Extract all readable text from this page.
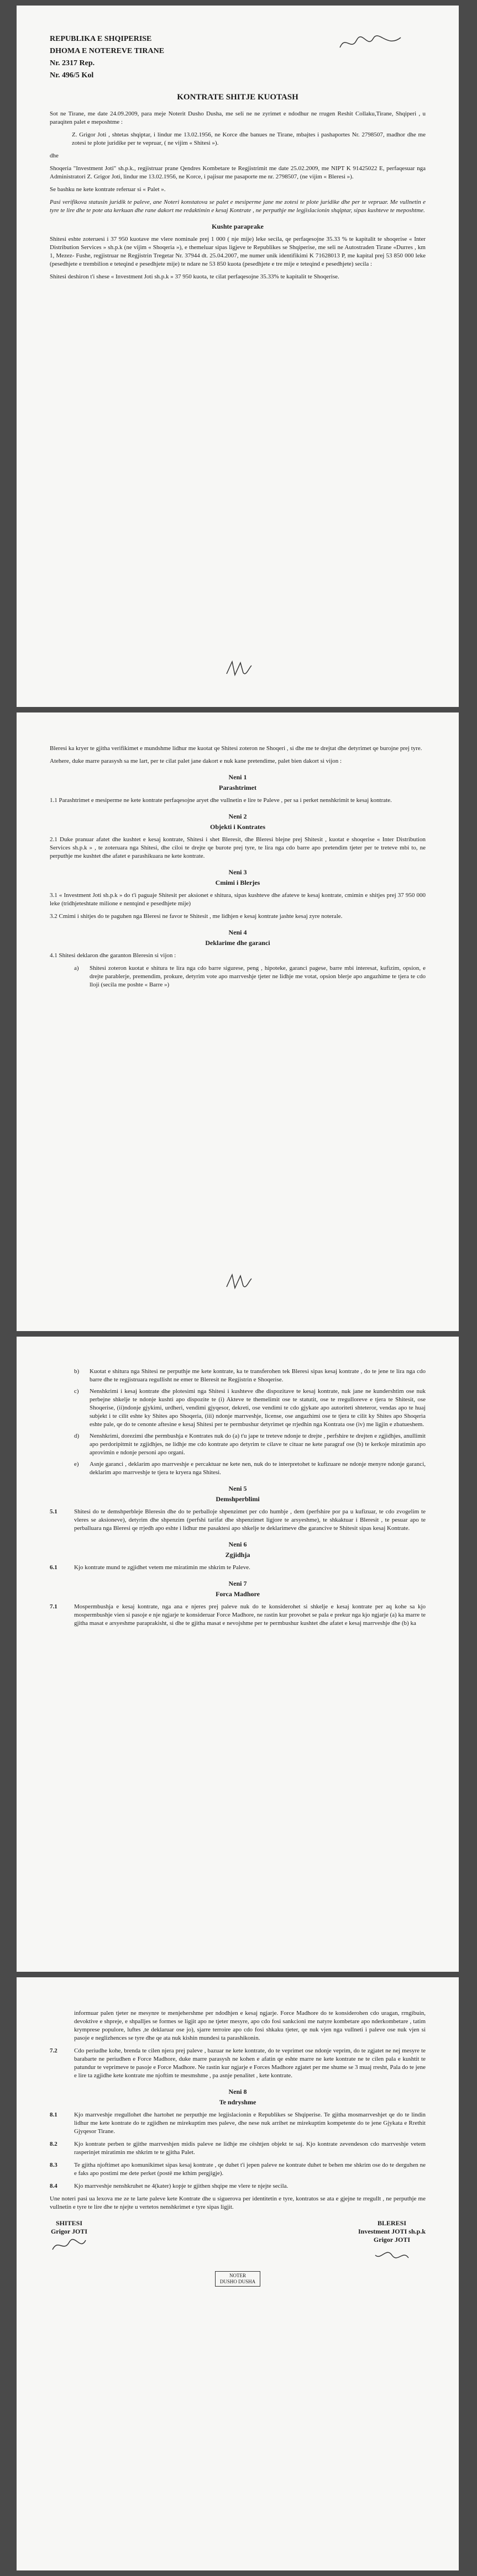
REPUBLIKA E SHQIPERISE
DHOMA E NOTEREVE TIRANE
Nr. 2317 Rep.
Nr. 496/5 Kol
KONTRATE SHITJE KUOTASH

Sot ne Tirane, me date 24.09.2009, para meje Noterit Dusho Dusha, me seli ne ne zyrimet e ndodhur ne rrugen Reshit Collaku,Tirane, Shqiperi , u paraqiten palet e meposhtme :

Z. Grigor Joti , shtetas shqiptar, i lindur me 13.02.1956, ne Korce dhe banues ne Tirane, mbajtes i pashaportes Nr. 2798507, madhor dhe me zotesi te plote juridike per te vepruar, ( ne vijim « Shitesi »).

dhe

Shoqeria "Investment Joti" sh.p.k., regjistruar prane Qendres Kombetare te Regjistrimit me date 25.02.2009, me NIPT K 91425022 E, perfaqesuar nga Administratori Z. Grigor Joti, lindur me 13.02.1956, ne Korce, i pajisur me pasaporte me nr. 2798507, (ne vijim « Bleresi »).

Se bashku ne kete kontrate referuar si « Palet ».

Pasi verifikova statusin juridik te paleve, ane Noteri konstatova se palet e mesiperme jane me zotesi te plote juridike dhe per te vepruar. Me vullnetin e tyre te lire dhe te pote ata kerkuan dhe rane dakort me redaktimin e kesaj Kontrate , ne perputhje me legjislacionin shqiptar, sipas kushteve te meposhtme.

Kushte paraprake

Shitesi eshte zoteruesi i 37 950 kuotave me vlere nominale prej 1 000 ( nje mije) leke secila, qe perfaqesojne 35.33 % te kapitalit te shoqerise « Inter Distribution Services » sh.p.k (ne vijim « Shoqeria »), e themeluar sipas ligjeve te Republikes se Shqiperise, me seli ne Autostraden Tirane «Durres , km 1, Mezez- Fushe, regjistruar ne Regjistrin Tregetar Nr. 37944 dt. 25.04.2007, me numer unik identifikimi K 71628013 P, me kapital prej 53 850 000 leke (pesedhjete e trembilion e teteqind e pesedhjete mije) te ndare ne 53 850 kuota (pesedhjete e tre mije e teteqind e pesedhjete) secila :

Shitesi deshiron t'i shese « Investment Joti sh.p.k » 37 950 kuota, te cilat perfaqesojne 35.33% te kapitalit te Shoqerise.

Bleresi ka kryer te gjitha verifikimet e mundshme lidhur me kuotat qe Shitesi zoteron ne Shoqeri , si dhe me te drejtat dhe detyrimet qe burojne prej tyre.

Atehere, duke marre parasysh sa me lart, per te cilat palet jane dakort e nuk kane pretendime, palet bien dakort si vijon :

Neni 1
Parashtrimet

1.1 Parashtrimet e mesiperme ne kete kontrate perfaqesojne aryet dhe vullnetin e lire te Paleve , per sa i perket nenshkrimit te kesaj kontrate.

Neni 2
Objekti i Kontrates

2.1 Duke pranuar afatet dhe kushtet e kesaj kontrate, Shitesi i shet Bleresit, dhe Bleresi blejne prej Shitesit , kuotat e shoqerise « Inter Distribution Services sh.p.k » , te zoteruara nga Shitesi, dhe ciloi te drejte qe burote prej tyre, te lira nga cdo barre apo pretendim tjeter per te treteve mbi to, ne perputhje me kushtet dhe afatet e parashikuara ne kete kontrate.

Neni 3
Cmimi i Blerjes

3.1 « Investment Joti sh.p.k » do t'i paguaje Shitesit per aksionet e shitura, sipas kushteve dhe afateve te kesaj kontrate, cmimin e shitjes prej 37 950 000 leke (tridhjeteshtate milione e nentqind e pesedhjete mije)

3.2 Cmimi i shitjes do te paguhen nga Bleresi ne favor te Shitesit , me lidhjen e kesaj kontrate jashte kesaj zyre noterale.

Neni 4
Deklarime dhe garanci

4.1 Shitesi deklaron dhe garanton Bleresin si vijon :

a)	Shitesi zoteron kuotat e shitura te lira nga cdo barre sigurese, peng , hipoteke, garanci pagese, barre mbi interesat, kufizim, opsion, e drejte parablerje, premendim, prokure, detyrim vote apo marrveshje tjeter ne lidhje me votat, opsion blerje apo angazhime te tjera te cdo lloji (secila me poshte « Barre »)
b)	Kuotat e shitura nga Shitesi ne perputhje me kete kontrate, ka te transferohen tek Bleresi sipas kesaj kontrate , do te jene te lira nga cdo barre dhe te regjistruara regullisht ne emer te Bleresit ne Regjistrin e Shoqerise.
c)	Nenshkrimi i kesaj kontrate dhe plotesimi nga Shitesi i kushteve dhe dispozitave te kesaj kontrate, nuk jane ne kundershtim ose nuk perbejne shkelje te ndonje kushti apo dispozite te (i) Akteve te themelimit ose te statutit, ose te rregulloreve e tjera te Shitesit, ose Shoqerise, (ii)ndonje gjykimi, urdheri, vendimi gjyqesor, dekreti, ose vendimi te cdo gjykate apo autoriteti shteteror, vendas apo te huaj subjekt i te cilit eshte ky Shites apo Shoqeria, (iii) ndonje marrveshje, license, ose angazhimi ose te tjera te cilit ky Shites apo Shoqeria eshte pale, qe do te cenonte aftesine e kesaj Shitesi per te permbushur detyrimet qe rrjedhin nga Kontrata ose (iv) me ligjin e zbatueshem.
d)	Nenshkrimi, dorezimi dhe permbushja e Kontrates nuk do (a) t'u jape te treteve ndonje te drejte , perfshire te drejten e zgjidhjes, anullimit apo perdoripitmit te zgjidhjes, ne lidhje me cdo kontrate apo detyrim te cilave te cituar ne kete paragraf ose (b) te kerkoje miratimin apo aprovimin e ndonje personi apo organi.
e)	Asnje garanci , deklarim apo marrveshje e percaktuar ne kete nen, nuk do te interpretohet te kufizuare ne ndonje menyre ndonje garanci, deklarim apo marrveshje te tjera te kryera nga Shitesi.
Neni 5
Demshperblimi
5.1	Shitesi do te demshperbleje Bleresin dhe do te perballoje shpenzimet per cdo humbje , dem (perfshire por pa u kufizuar, te cdo zvogelim te vleres se aksioneve), detyrim dhe shpenzim (perfshi tarifat dhe shpenzimet ligjore te arsyeshme), te shkaktuar i Bleresit , te pesuar apo te perballuara nga Bleresi qe rrjedh apo eshte i lidhur me pasaktesi apo shkelje te deklarimeve dhe garancive te Shitesit sipas kesaj Kontrate.
Neni 6
Zgjidhja
6.1	Kjo kontrate mund te zgjidhet vetem me miratimin me shkrim te Paleve.
Neni 7
Forca Madhore
7.1	Mospermbushja e kesaj kontrate, nga ana e njeres prej paleve nuk do te konsiderohet si shkelje e kesaj kontrate per aq kohe sa kjo mospermbushje vien si pasoje e nje ngjarje te konsideruar Force Madhore, ne rastin kur provohet se pala e prekur nga kjo ngjarje (a) ka marre te gjitha masat e arsyeshme paraprakisht, si dhe te gjitha masat e nevojshme per te permbushur kushtet dhe afatet e kesaj marrveshje dhe (b) ka
informuar palen tjeter ne mesynre te menjehershme per ndodhjen e kesaj ngjarje. Force Madhore do te konsiderohen cdo uragan, rrngibuin, devoktive e shpreje, e shpalljes se formes se ligjit apo ne tjeter mesyre, apo cdo fosi sankcioni me natyre kombetare apo nderkombetare , tatim krymprese populore, luftes ,te deklaruar ose jo), sjarre terroire apo cdo fosi shkaku tjeter, qe nuk vjen nga vullneti i paleve ose nuk vjen si pasoje e neglizhences se tyre dhe qe ata nuk kishin mundesi ta parashikonin.
7.2	Cdo periudhe kohe, brenda te cilen njera prej paleve , bazuar ne kete kontrate, do te veprimet ose ndonje veprim, do te zgjatet ne nej mesyre te barabarte ne periudhen e Force Madhore, duke marre parasysh ne kohen e afatin qe eshte marre ne kete kontrate ne te cilen pala e kushtit te patundur te veprimeve te pasoje e Force Madhore. Ne rastin kur ngjarje e Forces Madhore zgjatet per me shume se 3 muaj rresht, Pala do te jene e lire ta zgjidhe kete kontrate me njoftim te mesmshme , pa asnje penalitet , kete kontrate.
Neni 8
Te ndryshme
8.1	Kjo marrveshje rregullohet dhe hartohet ne perputhje me legjislacionin e Republikes se Shqiperise. Te gjitha mosmarrveshjet qe do te lindin lidhur me kete kontrate do te zgjidhen ne mirekuptim mes paleve, dhe nese nuk arrihet ne mirekuptim kompetente do te jene Gjykata e Rrethit Gjyqesor Tirane.
8.2	Kjo kontrate perben te gjithe marrveshjen midis paleve ne lidhje me cështjen objekt te saj. Kjo kontrate zevendeson cdo marrveshje vetem rasperinjet miratimin me shkrim te te gjitha Palet.
8.3	Te gjitha njoftimet apo komunikimet sipas kesaj kontrate , qe duhet t'i jepen paleve ne kontrate duhet te behen me shkrim ose do te derguhen ne e faks apo postimi me dete perket (postë me kthim pergjigje).
8.4	Kjo marrveshje nenshkruhet ne 4(kater) kopje te gjithen shqipe me vlere te njejte secila.

Une noteri pasi ua lexova me ze te larte paleve kete Kontrate dhe u siguerova per identitetin e tyre, kontratos se ata e gjejne te rregullt , ne perputhje me vullnetin e tyre te lire dhe te njejte u vertetos nenshkrimet e tyre sipas ligjit.

SHITESI
Grigor JOTI
BLERESI
Investment JOTI sh.p.k
Grigor JOTI
NOTER
DUSHO DUSHA
